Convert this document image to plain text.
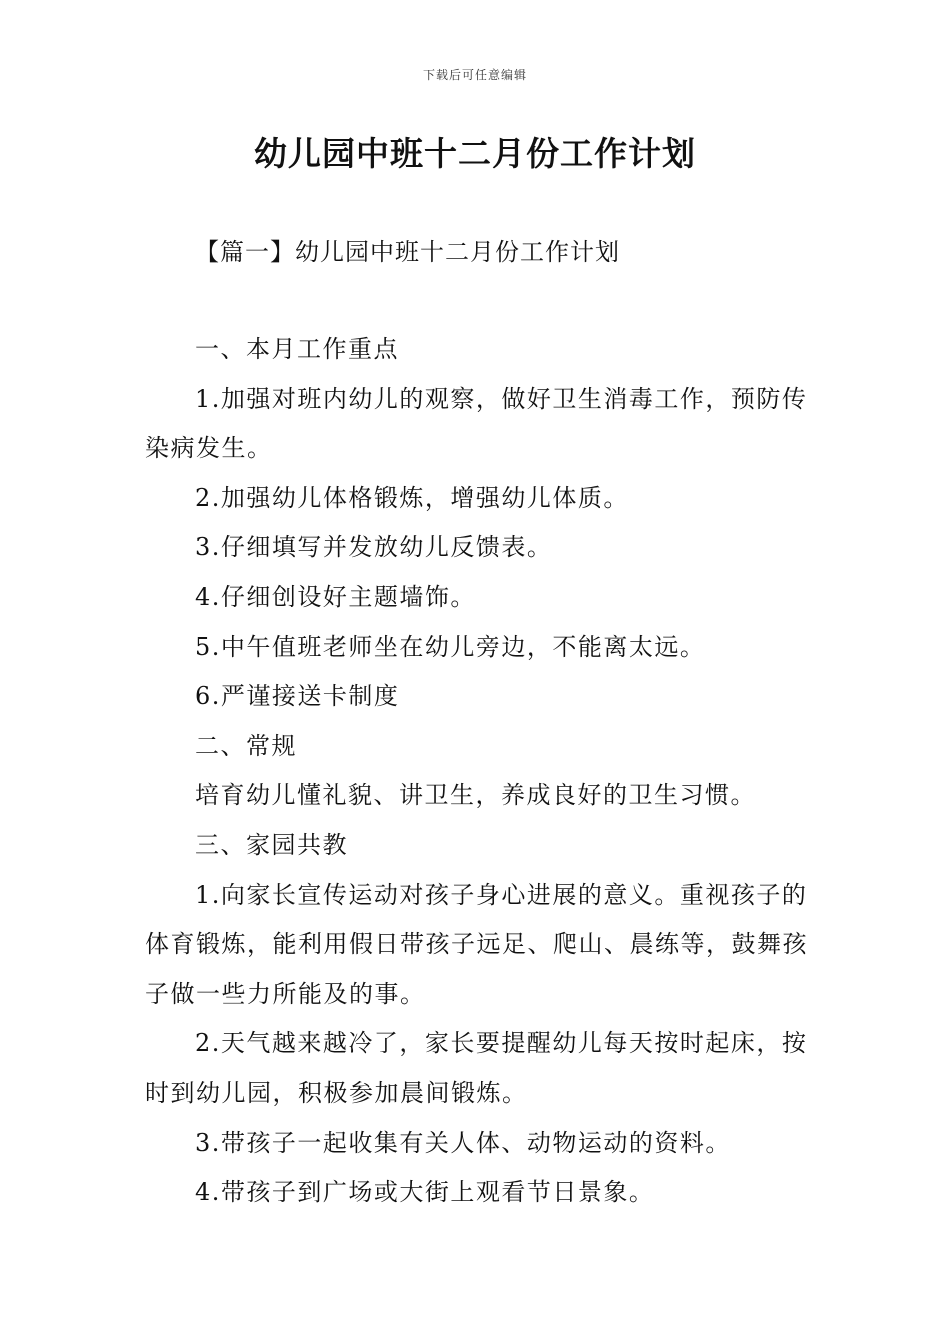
下载后可任意编辑
幼儿园中班十二月份工作计划
【篇一】幼儿园中班十二月份工作计划

一、本月工作重点

1.加强对班内幼儿的观察，做好卫生消毒工作，预防传染病发生。

2.加强幼儿体格锻炼，增强幼儿体质。

3.仔细填写并发放幼儿反馈表。

4.仔细创设好主题墙饰。

5.中午值班老师坐在幼儿旁边，不能离太远。

6.严谨接送卡制度

二、常规

培育幼儿懂礼貌、讲卫生，养成良好的卫生习惯。

三、家园共教

1.向家长宣传运动对孩子身心进展的意义。重视孩子的体育锻炼，能利用假日带孩子远足、爬山、晨练等，鼓舞孩子做一些力所能及的事。

2.天气越来越冷了，家长要提醒幼儿每天按时起床，按时到幼儿园，积极参加晨间锻炼。

3.带孩子一起收集有关人体、动物运动的资料。

4.带孩子到广场或大街上观看节日景象。
